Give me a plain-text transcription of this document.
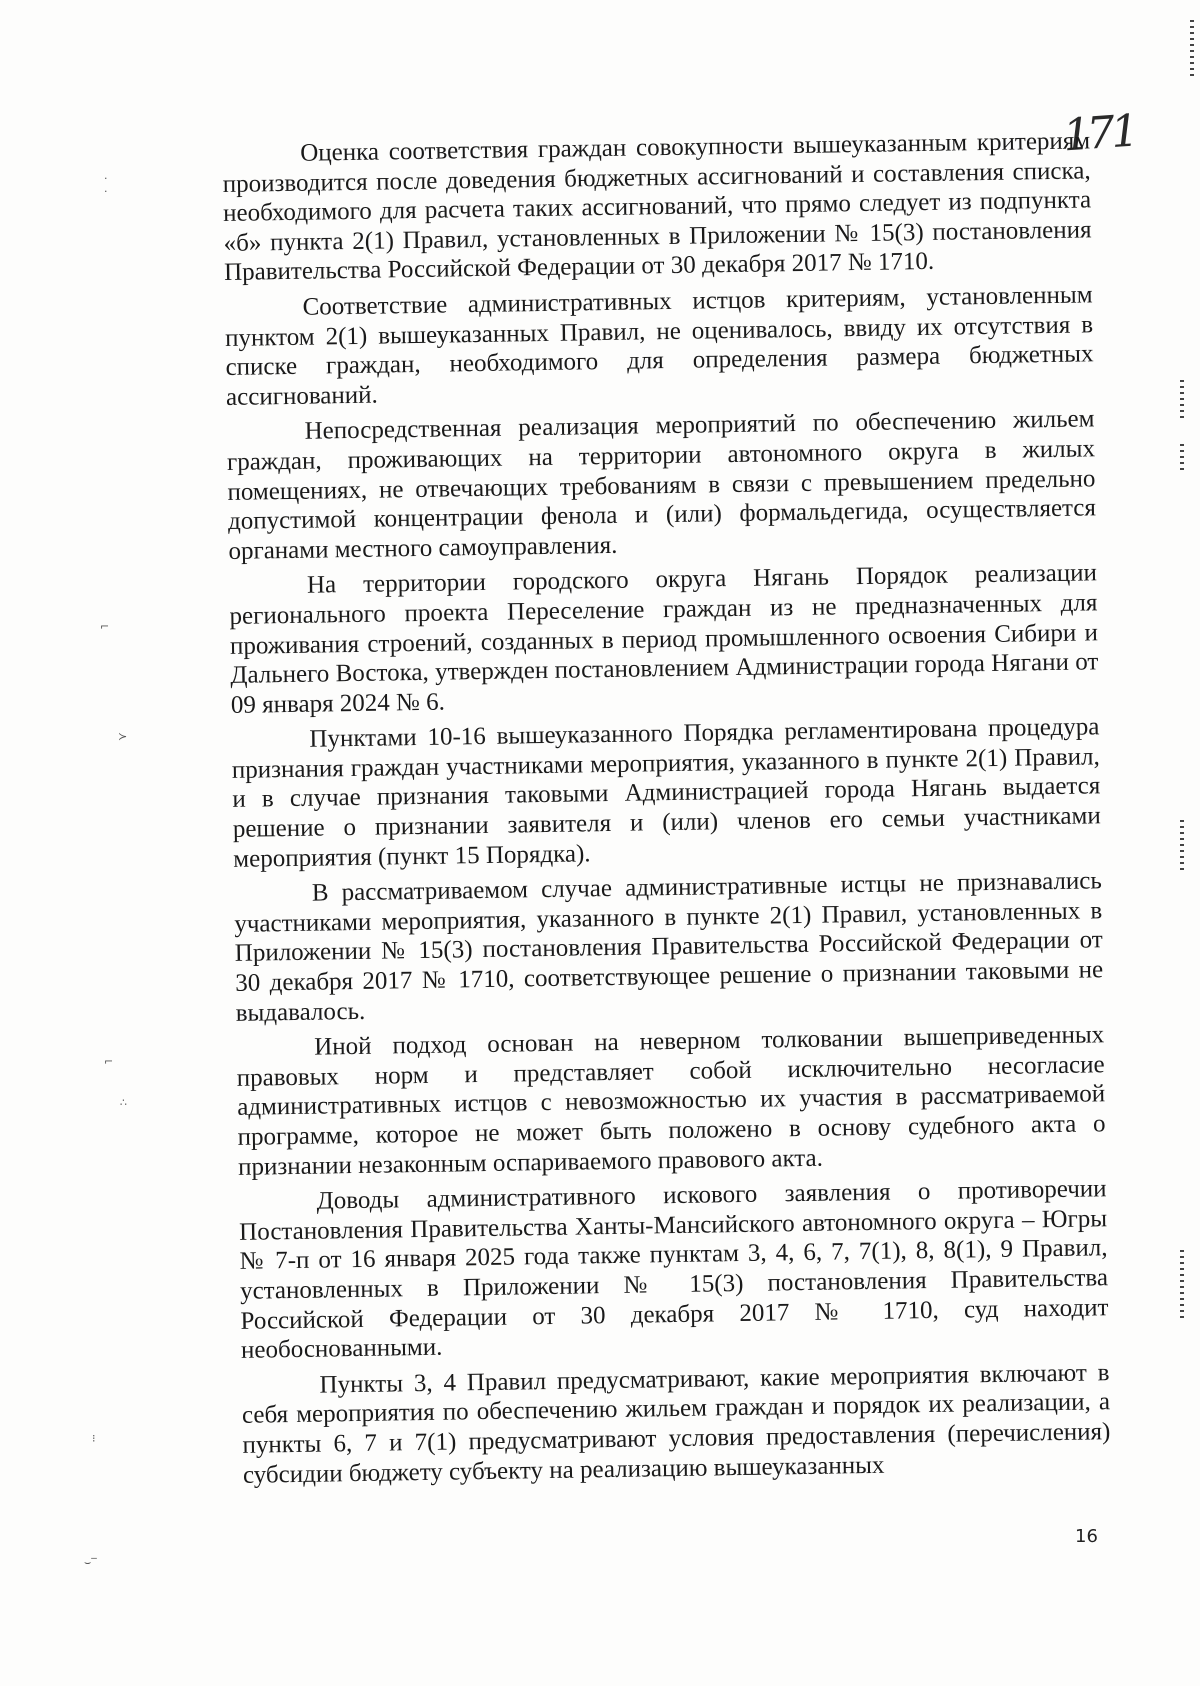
171

Оценка соответствия граждан совокупности вышеуказанным критериям производится после доведения бюджетных ассигнований и составления списка, необходимого для расчета таких ассигнований, что прямо следует из подпункта «б» пункта 2(1) Правил, установленных в Приложении № 15(3) постановления Правительства Российской Федерации от 30 декабря 2017 № 1710.

Соответствие административных истцов критериям, установленным пунктом 2(1) вышеуказанных Правил, не оценивалось, ввиду их отсутствия в списке граждан, необходимого для определения размера бюджетных ассигнований.

Непосредственная реализация мероприятий по обеспечению жильем граждан, проживающих на территории автономного округа в жилых помещениях, не отвечающих требованиям в связи с превышением предельно допустимой концентрации фенола и (или) формальдегида, осуществляется органами местного самоуправления.

На территории городского округа Нягань Порядок реализации регионального проекта Переселение граждан из не предназначенных для проживания строений, созданных в период промышленного освоения Сибири и Дальнего Востока, утвержден постановлением Администрации города Нягани от 09 января 2024 № 6.

Пунктами 10-16 вышеуказанного Порядка регламентирована процедура признания граждан участниками мероприятия, указанного в пункте 2(1) Правил, и в случае признания таковыми Администрацией города Нягань выдается решение о признании заявителя и (или) членов его семьи участниками мероприятия (пункт 15 Порядка).

В рассматриваемом случае административные истцы не признавались участниками мероприятия, указанного в пункте 2(1) Правил, установленных в Приложении № 15(3) постановления Правительства Российской Федерации от 30 декабря 2017 № 1710, соответствующее решение о признании таковыми не выдавалось.

Иной подход основан на неверном толковании вышеприведенных правовых норм и представляет собой исключительно несогласие административных истцов с невозможностью их участия в рассматриваемой программе, которое не может быть положено в основу судебного акта о признании незаконным оспариваемого правового акта.

Доводы административного искового заявления о противоречии Постановления Правительства Ханты-Мансийского автономного округа – Югры № 7-п от 16 января 2025 года также пунктам 3, 4, 6, 7, 7(1), 8, 8(1), 9 Правил, установленных в Приложении № 15(3) постановления Правительства Российской Федерации от 30 декабря 2017 № 1710, суд находит необоснованными.

Пункты 3, 4 Правил предусматривают, какие мероприятия включают в себя мероприятия по обеспечению жильем граждан и порядок их реализации, а пункты 6, 7 и 7(1) предусматривают условия предоставления (перечисления) субсидии бюджету субъекту на реализацию вышеуказанных

16
·
·
⌐
≻
⌐
∴
⁝
⌣‾
